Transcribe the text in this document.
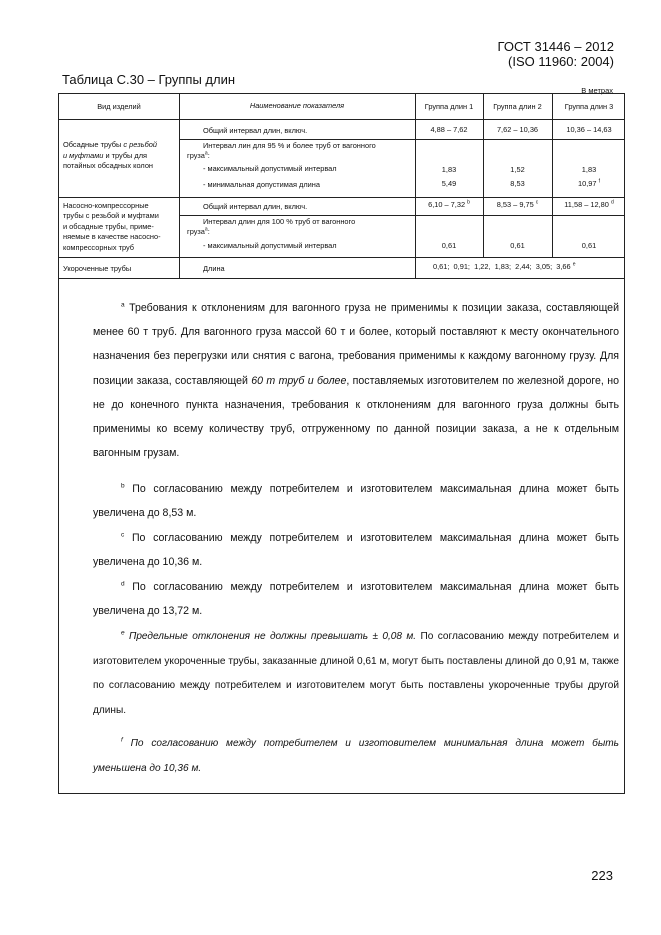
ГОСТ 31446 – 2012
(ISO 11960: 2004)
Таблица С.30 – Группы длин
В метрах
Вид изделий	Наименование показателя	Группа длин 1	Группа длин 2	Группа длин 3
Обсадные трубы с резьбой
и муфтами и трубы для
потайных обсадных колон
Общий интервал длин, включ.	4,88 – 7,62	7,62 – 10,36	10,36 – 14,63
Интервал лин для 95 % и более труб от вагонного
груза$^а$:
- максимальный допустимый интервал	1,83	1,52	1,83
- минимальная допустимая длина	5,49	8,53	10,97 $^f$
Насосно-компрессорные
трубы с резьбой и муфтами
и обсадные трубы, приме-
няемые в качестве насосно-
компрессорных труб
Общий интервал длин, включ.	6,10 – 7,32 $^b$	8,53 – 9,75 $^c$	11,58 – 12,80 $^d$
Интервал длин для 100 % труб от вагонного
груза$^а$:
- максимальный допустимый интервал	0,61	0,61	0,61
Укороченные трубы	Длина	0,61;  0,91;  1,22,  1,83;  2,44;  3,05;  3,66 $^e$
$^a$ Требования к отклонениям для вагонного груза не применимы к позиции заказа, составляющей менее 60 т труб. Для вагонного груза массой 60 т и более, который поставляют к месту окончательного назначения без перегрузки или снятия с вагона, требования применимы к каждому вагонному грузу. Для позиции заказа, составляющей 60 т труб и более, поставляемых изготовителем по железной дороге, но не до конечного пункта назначения, требования к отклонениям для вагонного груза должны быть применимы ко всему количеству труб, отгруженному по данной позиции заказа, а не к отдельным вагонным грузам.
$^b$ По согласованию между потребителем и изготовителем максимальная длина может быть увеличена до 8,53 м.
$^c$ По согласованию между потребителем и изготовителем максимальная длина может быть увеличена до 10,36 м.
$^d$ По согласованию между потребителем и изготовителем максимальная длина может быть увеличена до 13,72 м.
$^e$ Предельные отклонения не должны превышать ± 0,08 м. По согласованию между потребителем и изготовителем укороченные трубы, заказанные длиной 0,61 м, могут быть поставлены длиной до 0,91 м, также по согласованию между потребителем и изготовителем могут быть поставлены укороченные трубы другой длины.
$^f$ По согласованию между потребителем и изготовителем минимальная длина может быть уменьшена до 10,36 м.
223
